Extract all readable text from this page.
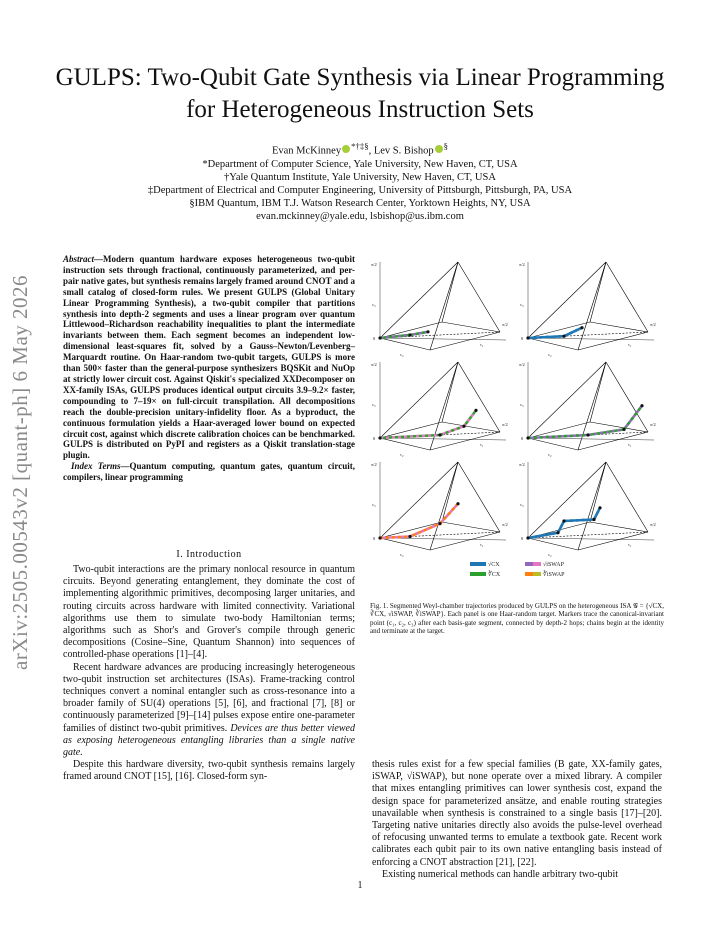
GULPS: Two-Qubit Gate Synthesis via Linear Programming for Heterogeneous Instruction Sets
Evan McKinney *†‡§, Lev S. Bishop §
*Department of Computer Science, Yale University, New Haven, CT, USA
†Yale Quantum Institute, Yale University, New Haven, CT, USA
‡Department of Electrical and Computer Engineering, University of Pittsburgh, Pittsburgh, PA, USA
§IBM Quantum, IBM T.J. Watson Research Center, Yorktown Heights, NY, USA
evan.mckinney@yale.edu, lsbishop@us.ibm.com
arXiv:2505.00543v2 [quant-ph] 6 May 2026
Abstract—Modern quantum hardware exposes heterogeneous two-qubit instruction sets through fractional, continuously parameterized, and per-pair native gates, but synthesis remains largely framed around CNOT and a small catalog of closed-form rules. We present GULPS (Global Unitary Linear Programming Synthesis), a two-qubit compiler that partitions synthesis into depth-2 segments and uses a linear program over quantum Littlewood–Richardson reachability inequalities to plant the intermediate invariants between them. Each segment becomes an independent low-dimensional least-squares fit, solved by a Gauss–Newton/Levenberg–Marquardt routine. On Haar-random two-qubit targets, GULPS is more than 500× faster than the general-purpose synthesizers BQSKit and NuOp at strictly lower circuit cost. Against Qiskit's specialized XXDecomposer on XX-family ISAs, GULPS produces identical output circuits 3.9–9.2× faster, compounding to 7–19× on full-circuit transpilation. All decompositions reach the double-precision unitary-infidelity floor. As a byproduct, the continuous formulation yields a Haar-averaged lower bound on expected circuit cost, against which discrete calibration choices can be benchmarked. GULPS is distributed on PyPI and registers as a Qiskit translation-stage plugin.
Index Terms—Quantum computing, quantum gates, quantum circuit, compilers, linear programming
I. Introduction

Two-qubit interactions are the primary nonlocal resource in quantum circuits. Beyond generating entanglement, they dominate the cost of implementing algorithmic primitives, decomposing larger unitaries, and routing circuits across hardware with limited connectivity. Variational algorithms use them to simulate two-body Hamiltonian terms; algorithms such as Shor's and Grover's compile through generic decompositions (Cosine–Sine, Quantum Shannon) into sequences of controlled-phase operations [1]–[4].

Recent hardware advances are producing increasingly heterogeneous two-qubit instruction set architectures (ISAs). Frame-tracking control techniques convert a nominal entangler such as cross-resonance into a broader family of SU(4) operations [5], [6], and fractional [7], [8] or continuously parameterized [9]–[14] pulses expose entire one-parameter families of distinct two-qubit primitives. Devices are thus better viewed as exposing heterogeneous entangling libraries than a single native gate.

Despite this hardware diversity, two-qubit synthesis remains largely framed around CNOT [15], [16]. Closed-form syn-

π/2
π/2
0
c₃
c₂
c₁
π/2
π/2
0
c₃
c₂
c₁
π/2
π/2
0
c₃
c₂
c₁
π/2
π/2
0
c₃
c₂
c₁
π/2
π/2
0
c₃
c₂
c₁
π/2
π/2
0
c₃
c₂
c₁
√CX
∛CX
√iSWAP
∛iSWAP
Fig. 1. Segmented Weyl-chamber trajectories produced by GULPS on the heterogeneous ISA 𝒢 = {√CX, ∛CX, √iSWAP, ∛iSWAP}. Each panel is one Haar-random target. Markers trace the canonical-invariant point (c₁, c₂, c₃) after each basis-gate segment, connected by depth-2 hops; chains begin at the identity and terminate at the target.

thesis rules exist for a few special families (B gate, XX-family gates, iSWAP, √iSWAP), but none operate over a mixed library. A compiler that mixes entangling primitives can lower synthesis cost, expand the design space for parameterized ansätze, and enable routing strategies unavailable when synthesis is constrained to a single basis [17]–[20]. Targeting native unitaries directly also avoids the pulse-level overhead of refocusing unwanted terms to emulate a textbook gate. Recent work calibrates each qubit pair to its own native entangling basis instead of enforcing a CNOT abstraction [21], [22].

Existing numerical methods can handle arbitrary two-qubit

1
